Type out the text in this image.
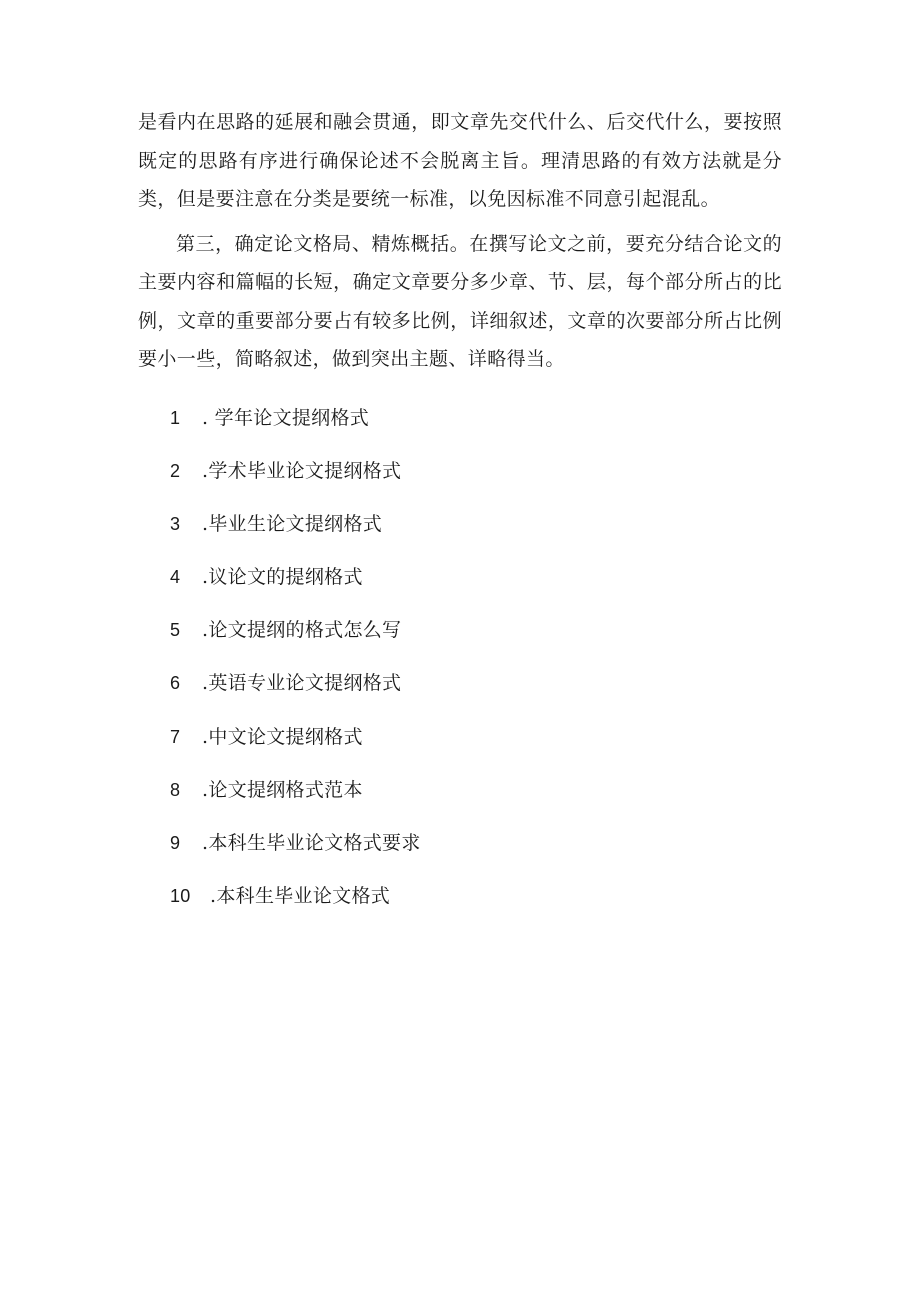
是看内在思路的延展和融会贯通，即文章先交代什么、后交代什么，要按照既定的思路有序进行确保论述不会脱离主旨。理清思路的有效方法就是分类，但是要注意在分类是要统一标准，以免因标准不同意引起混乱。

第三，确定论文格局、精炼概括。在撰写论文之前，要充分结合论文的主要内容和篇幅的长短，确定文章要分多少章、节、层，每个部分所占的比例，文章的重要部分要占有较多比例，详细叙述，文章的次要部分所占比例要小一些，简略叙述，做到突出主题、详略得当。

1 . 学年论文提纲格式
2 .学术毕业论文提纲格式
3 .毕业生论文提纲格式
4 .议论文的提纲格式
5 .论文提纲的格式怎么写
6 .英语专业论文提纲格式
7 .中文论文提纲格式
8 .论文提纲格式范本
9 .本科生毕业论文格式要求
10 .本科生毕业论文格式
